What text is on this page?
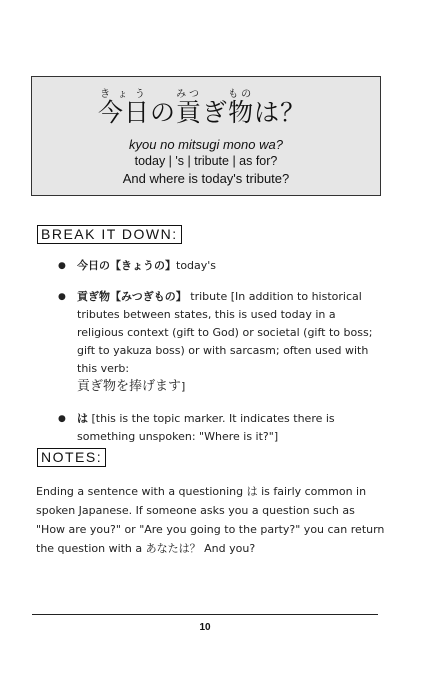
今日きょうの貢みつぎ物ものは？
kyou no mitsugi mono wa?
today | 's | tribute | as for?
And where is today's tribute?
BREAK IT DOWN:
● 今日の【きょうの】today's
● 貢ぎ物【みつぎもの】 tribute [In addition to historical tributes between states, this is used today in a religious context (gift to God) or societal (gift to boss; gift to yakuza boss) or with sarcasm; often used with this verb:
貢ぎ物を捧げます]
● は [this is the topic marker. It indicates there is something unspoken: "Where is it?"]
NOTES:
Ending a sentence with a questioning は is fairly common in spoken Japanese. If someone asks you a question such as "How are you?" or "Are you going to the party?" you can return the question with a あなたは？ And you?
10
